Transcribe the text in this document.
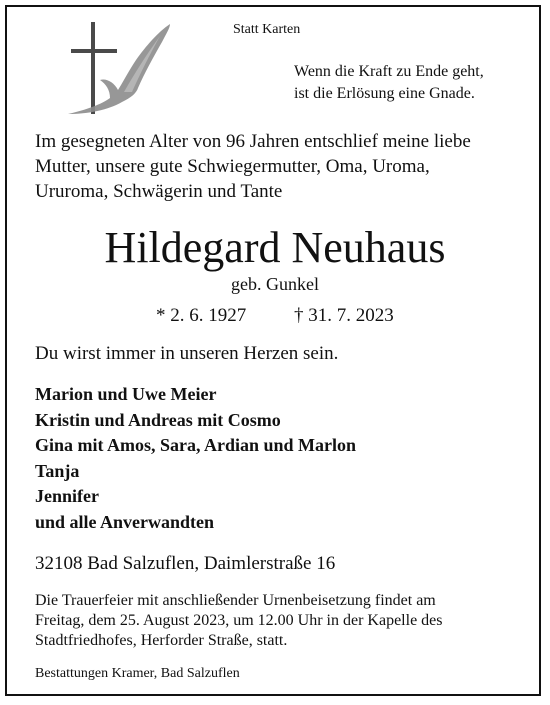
Statt Karten
Wenn die Kraft zu Ende geht,
ist die Erlösung eine Gnade.
Im gesegneten Alter von 96 Jahren entschlief meine liebe
Mutter, unsere gute Schwiegermutter, Oma, Uroma,
Ururoma, Schwägerin und Tante
Hildegard Neuhaus
geb. Gunkel
* 2. 6. 1927	† 31. 7. 2023
Du wirst immer in unseren Herzen sein.
Marion und Uwe Meier
Kristin und Andreas mit Cosmo
Gina mit Amos, Sara, Ardian und Marlon
Tanja
Jennifer
und alle Anverwandten
32108 Bad Salzuflen, Daimlerstraße 16
Die Trauerfeier mit anschließender Urnenbeisetzung findet am
Freitag, dem 25. August 2023, um 12.00 Uhr in der Kapelle des
Stadtfriedhofes, Herforder Straße, statt.
Bestattungen Kramer, Bad Salzuflen
